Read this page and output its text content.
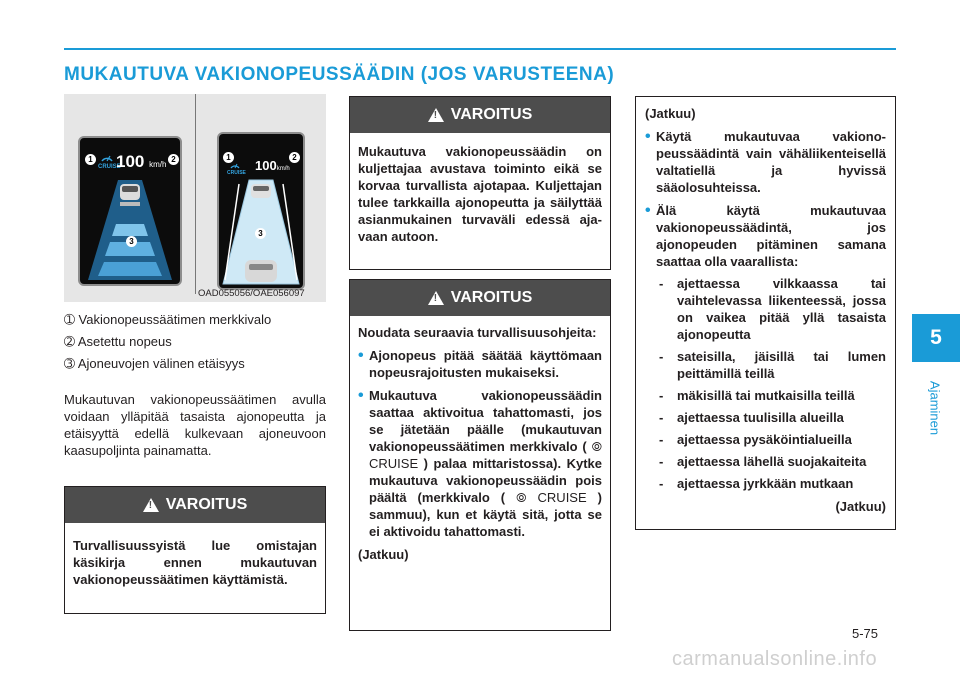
MUKAUTUVA VAKIONOPEUSSÄÄDIN (JOS VARUSTEENA)
5
Ajaminen
1	2
CRUISE
100 km/h
3
1	2
CRUISE 100km/h
3
OAD055056/OAE056097
➀ Vakionopeussäätimen merkkivalo
➁ Asetettu nopeus
➂ Ajoneuvojen välinen etäisyys
Mukautuvan vakionopeussäätimen avulla voidaan ylläpitää tasaista ajonopeutta ja etäisyyttä edellä kulkevaan ajoneuvoon kaasupoljinta painamatta.
!
VAROITUS
Turvallisuussyistä lue omistajan käsikirja ennen mukautuvan vakionopeussäätimen käyttämistä.
!
VAROITUS
Mukautuva vakionopeussäädin on kuljettajaa avustava toiminto eikä se korvaa turvallista ajotapaa. Kuljettajan tulee tarkkailla ajonopeutta ja säilyttää asianmukainen turvaväli edessä ajavaan autoon.
!
VAROITUS

Noudata seuraavia turvallisuusohjeita:

• Ajonopeus pitää säätää käyttömaan nopeusrajoitusten mukaiseksi.
• Mukautuva vakionopeussäädin saattaa aktivoitua tahattomasti, jos se jätetään päälle (mukautuvan vakionopeussäätimen merkkivalo ( ⦾ CRUISE ) palaa mittaristossa). Kytke mukautuva vakionopeussäädin pois päältä (merkkivalo ( ⦾ CRUISE ) sammuu), kun et käytä sitä, jotta se ei aktivoidu tahattomasti.
(Jatkuu)
(Jatkuu)
• Käytä mukautuvaa vakionopeussäädintä vain vähäliikenteisellä valtatiellä ja hyvissä sääolosuhteissa.
• Älä käytä mukautuvaa vakionopeussäädintä, jos ajonopeuden pitäminen samana saattaa olla vaarallista:
- ajettaessa vilkkaassa tai vaihtelevassa liikenteessä, jossa on vaikea pitää yllä tasaista ajonopeutta
- sateisilla, jäisillä tai lumen peittämillä teillä
- mäkisillä tai mutkaisilla teillä
- ajettaessa tuulisilla alueilla
- ajettaessa pysäköintialueilla
- ajettaessa lähellä suojakaiteita
- ajettaessa jyrkkään mutkaan
(Jatkuu)
5-75
carmanualsonline.info
